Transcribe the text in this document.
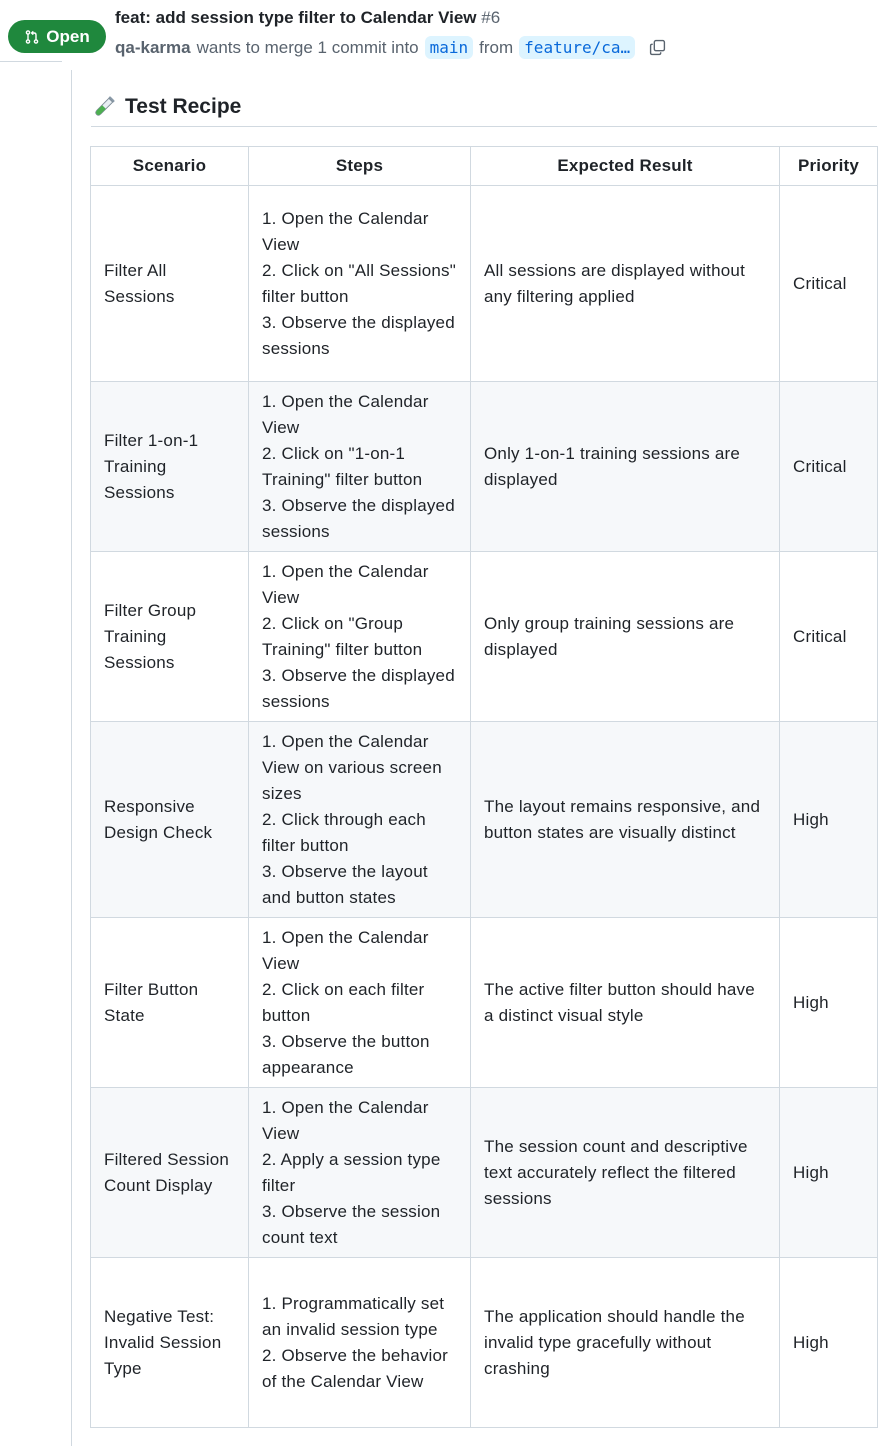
Open
feat: add session type filter to Calendar View #6
qa-karma wants to merge 1 commit into main from feature/ca…
Test Recipe
Scenario	Steps	Expected Result	Priority
Filter All Sessions	1. Open the Calendar View
2. Click on "All Sessions" filter button
3. Observe the displayed sessions	All sessions are displayed without any filtering applied	Critical
Filter 1-on-1 Training Sessions	1. Open the Calendar View
2. Click on "1-on-1 Training" filter button
3. Observe the displayed sessions	Only 1-on-1 training sessions are displayed	Critical
Filter Group Training Sessions	1. Open the Calendar View
2. Click on "Group Training" filter button
3. Observe the displayed sessions	Only group training sessions are displayed	Critical
Responsive Design Check	1. Open the Calendar View on various screen sizes
2. Click through each filter button
3. Observe the layout and button states	The layout remains responsive, and button states are visually distinct	High
Filter Button State	1. Open the Calendar View
2. Click on each filter button
3. Observe the button appearance	The active filter button should have a distinct visual style	High
Filtered Session Count Display	1. Open the Calendar View
2. Apply a session type filter
3. Observe the session count text	The session count and descriptive text accurately reflect the filtered sessions	High
Negative Test: Invalid Session Type	1. Programmatically set an invalid session type
2. Observe the behavior of the Calendar View	The application should handle the invalid type gracefully without crashing	High
